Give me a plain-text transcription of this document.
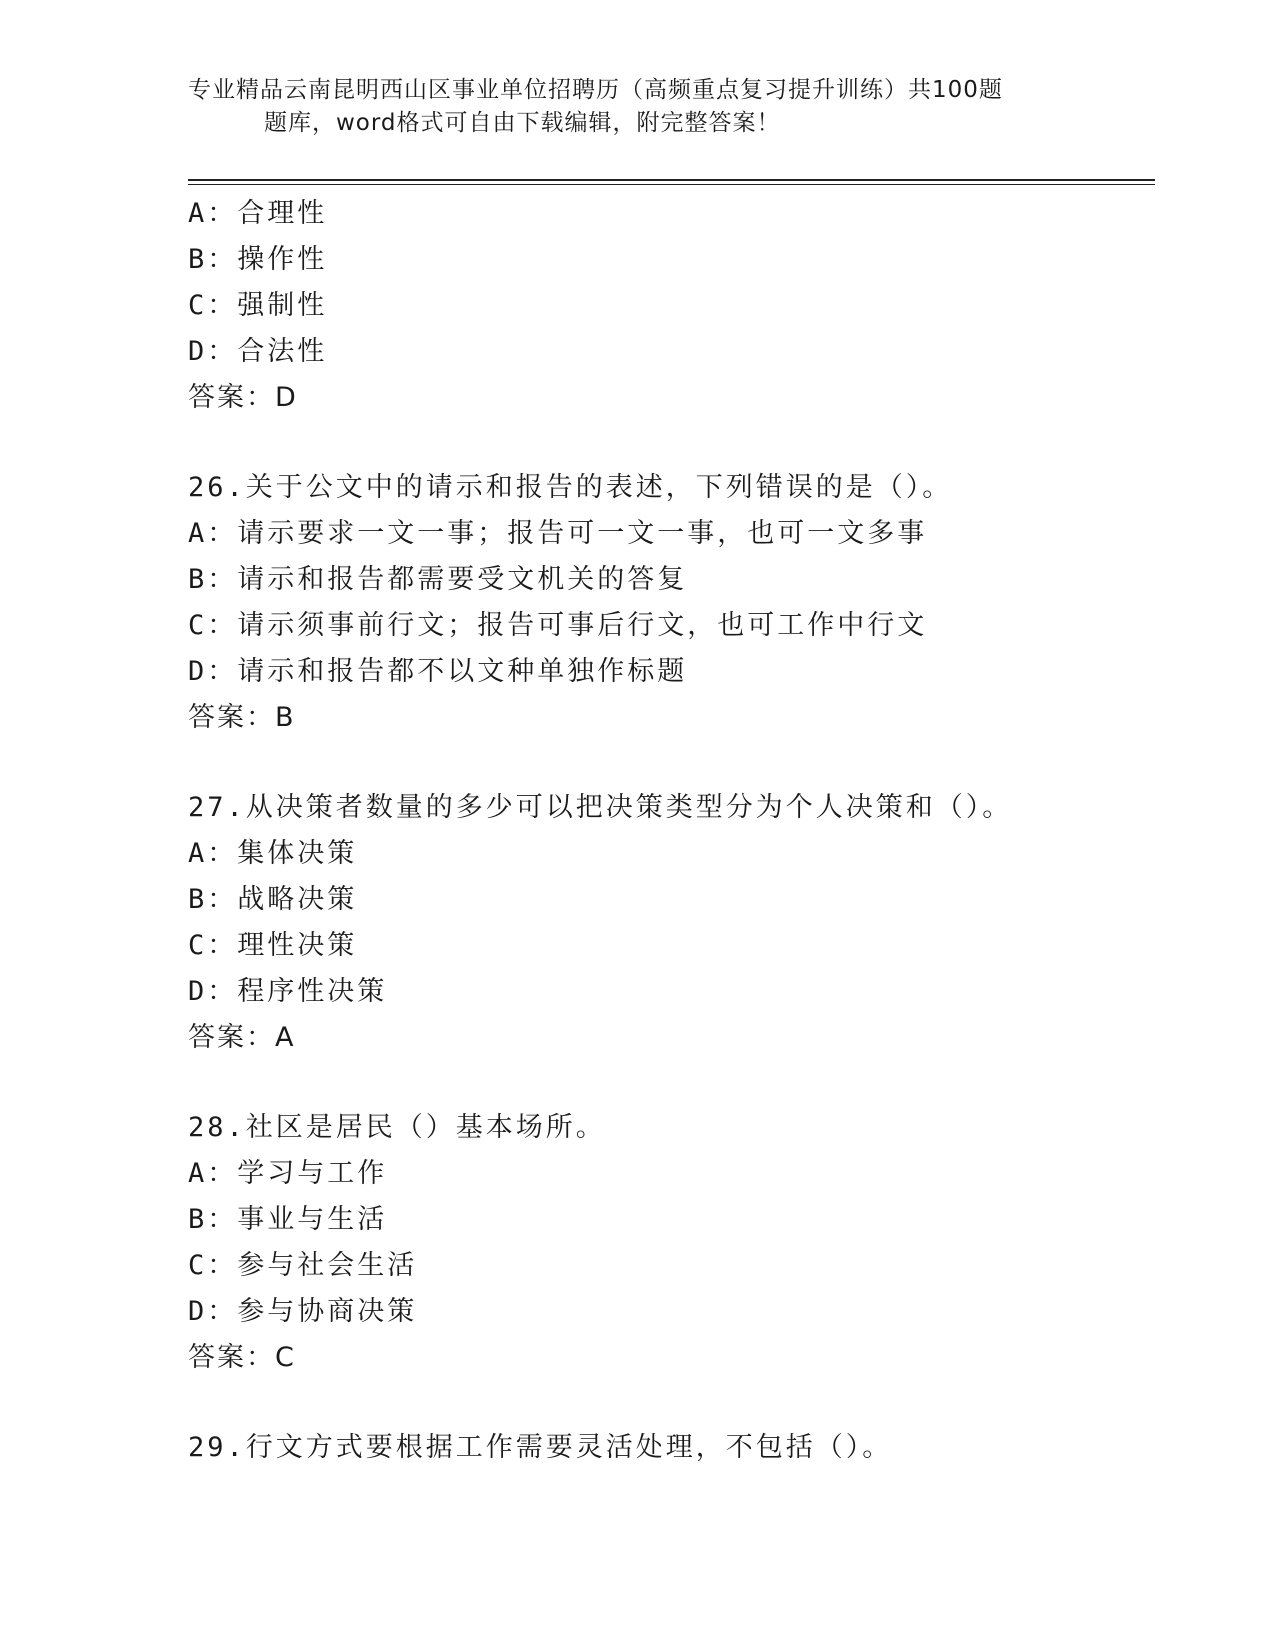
专业精品云南昆明西山区事业单位招聘历（高频重点复习提升训练）共100题
题库，word格式可自由下载编辑，附完整答案！
A：合理性
B：操作性
C：强制性
D：合法性
答案：D
26.关于公文中的请示和报告的表述，下列错误的是（）。
A：请示要求一文一事；报告可一文一事，也可一文多事
B：请示和报告都需要受文机关的答复
C：请示须事前行文；报告可事后行文，也可工作中行文
D：请示和报告都不以文种单独作标题
答案：B
27.从决策者数量的多少可以把决策类型分为个人决策和（）。
A：集体决策
B：战略决策
C：理性决策
D：程序性决策
答案：A
28.社区是居民（）基本场所。
A：学习与工作
B：事业与生活
C：参与社会生活
D：参与协商决策
答案：C
29.行文方式要根据工作需要灵活处理，不包括（）。
